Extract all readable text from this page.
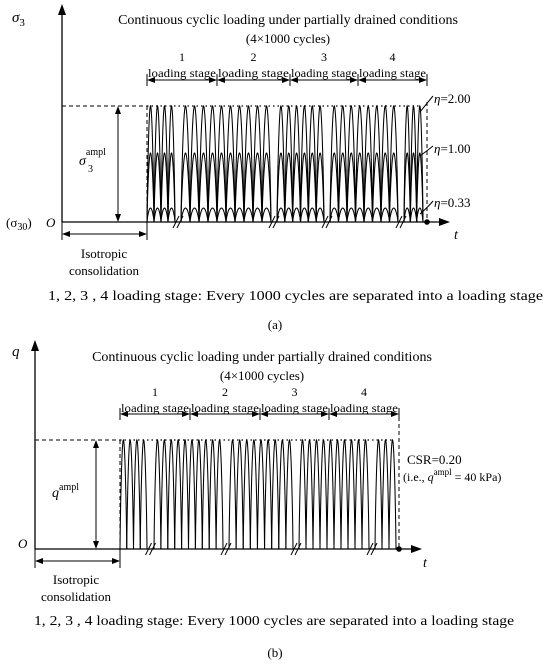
$\sigma_3$
t
O
$(\sigma_{30})$
Continuous cyclic loading under partially drained conditions
(4×1000 cycles)
$\sigma^{ampl}$
3
Isotropic
consolidation
1
loading stage
2
loading stage
3
loading stage
4
loading stage
η=2.00
η=1.00
η=0.33
1, 2, 3 , 4 loading stage: Every 1000 cycles are separated into a loading stage
(a)
q
t
O
Continuous cyclic loading under partially drained conditions
(4×1000 cycles)
$q^{ampl}$
Isotropic
consolidation
1
loading stage
2
loading stage
3
loading stage
4
loading stage
CSR=0.20
(i.e., $q^{ampl} = 40$ kPa)
1, 2, 3 , 4 loading stage: Every 1000 cycles are separated into a loading stage
(b)
